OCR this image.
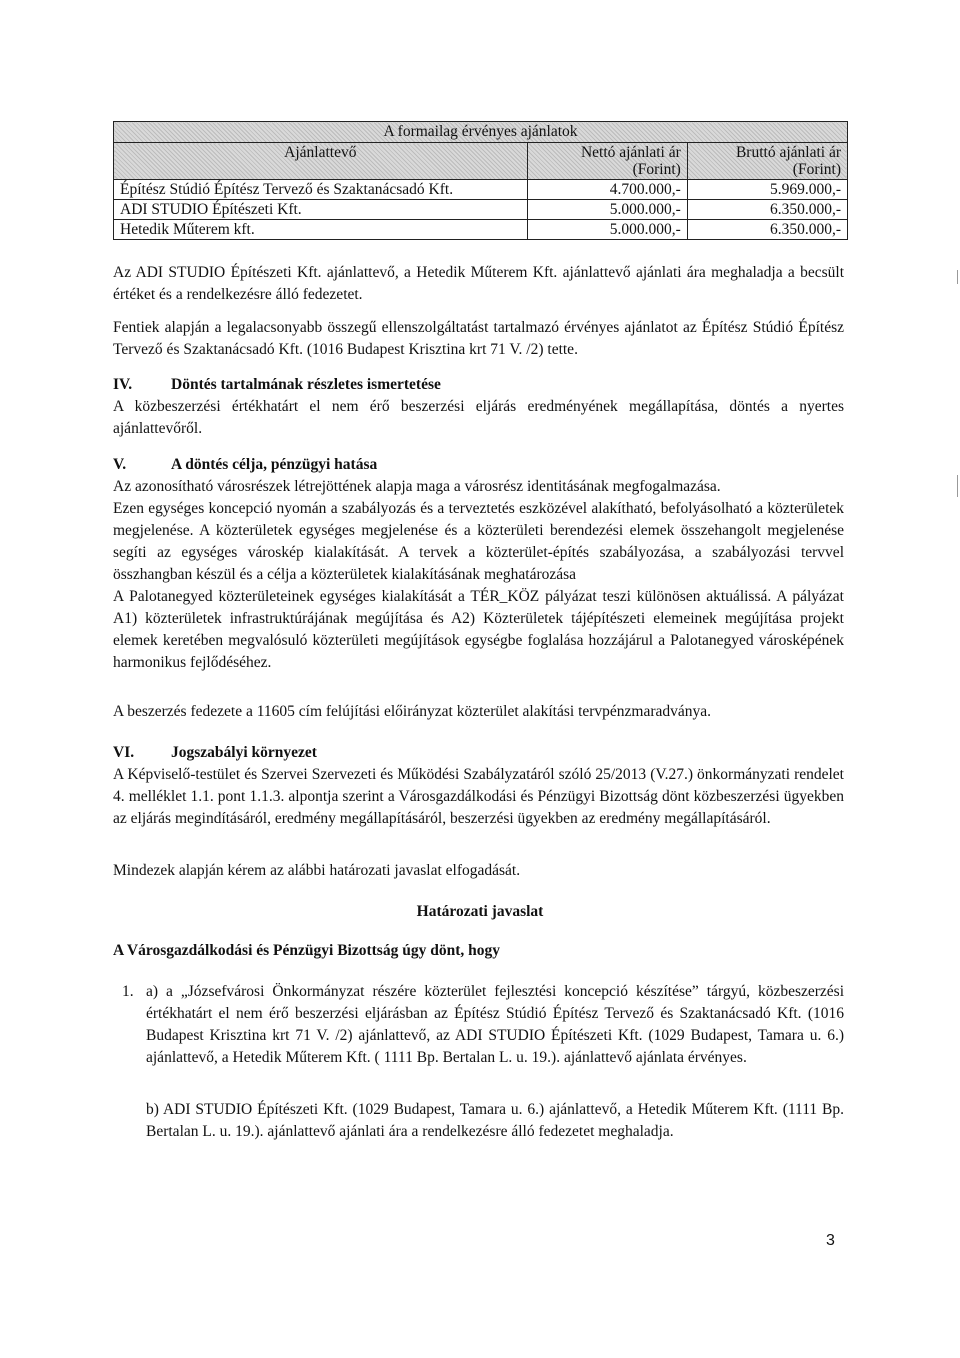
A formailag érvényes ajánlatok		
Ajánlattevő	Nettó ajánlati ár (Forint)	Bruttó ajánlati ár (Forint)
Építész Stúdió Építész Tervező és Szaktanácsadó Kft.	4.700.000,-	5.969.000,-
ADI STUDIO Építészeti Kft.	5.000.000,-	6.350.000,-
Hetedik Műterem kft.	5.000.000,-	6.350.000,-

Az ADI STUDIO Építészeti Kft. ajánlattevő, a Hetedik Műterem Kft. ajánlattevő ajánlati ára meghaladja a becsült értéket és a rendelkezésre álló fedezetet.

Fentiek alapján a legalacsonyabb összegű ellenszolgáltatást tartalmazó érvényes ajánlatot az Építész Stúdió Építész Tervező és Szaktanácsadó Kft. (1016 Budapest Krisztina krt 71 V. /2) tette.

IV.	Döntés tartalmának részletes ismertetése

A közbeszerzési értékhatárt el nem érő beszerzési eljárás eredményének megállapítása, döntés a nyertes ajánlattevőről.

V.	A döntés célja, pénzügyi hatása

Az azonosítható városrészek létrejöttének alapja maga a városrész identitásának megfogalmazása.
Ezen egységes koncepció nyomán a szabályozás és a terveztetés eszközével alakítható, befolyásolható a közterületek megjelenése. A közterületek egységes megjelenése és a közterületi berendezési elemek összehangolt megjelenése segíti az egységes városkép kialakítását. A tervek a közterület-építés szabályozása, a szabályozási tervvel összhangban készül és a célja a közterületek kialakításának meghatározása
A Palotanegyed közterületeinek egységes kialakítását a TÉR_KÖZ pályázat teszi különösen aktuálissá. A pályázat A1) közterületek infrastruktúrájának megújítása és A2) Közterületek tájépítészeti elemeinek megújítása projekt elemek keretében megvalósuló közterületi megújítások egységbe foglalása hozzájárul a Palotanegyed városképének harmonikus fejlődéséhez.

A beszerzés fedezete a 11605 cím felújítási előirányzat közterület alakítási tervpénzmaradványa.

VI. Jogszabályi környezet

A Képviselő-testület és Szervei Szervezeti és Működési Szabályzatáról szóló 25/2013 (V.27.) önkormányzati rendelet 4. melléklet 1.1. pont 1.1.3. alpontja szerint a Városgazdálkodási és Pénzügyi Bizottság dönt közbeszerzési ügyekben az eljárás megindításáról, eredmény megállapításáról, beszerzési ügyekben az eredmény megállapításáról.

Mindezek alapján kérem az alábbi határozati javaslat elfogadását.

Határozati javaslat

A Városgazdálkodási és Pénzügyi Bizottság úgy dönt, hogy

1. a) a „Józsefvárosi Önkormányzat részére közterület fejlesztési koncepció készítése” tárgyú, közbeszerzési értékhatárt el nem érő beszerzési eljárásban az Építész Stúdió Építész Tervező és Szaktanácsadó Kft. (1016 Budapest Krisztina krt 71 V. /2) ajánlattevő, az ADI STUDIO Építészeti Kft. (1029 Budapest, Tamara u. 6.) ajánlattevő, a Hetedik Műterem Kft. ( 1111 Bp. Bertalan L. u. 19.). ajánlattevő ajánlata érvényes.

b) ADI STUDIO Építészeti Kft. (1029 Budapest, Tamara u. 6.) ajánlattevő, a Hetedik Műterem Kft. (1111 Bp. Bertalan L. u. 19.). ajánlattevő ajánlati ára a rendelkezésre álló fedezetet meghaladja.

3
